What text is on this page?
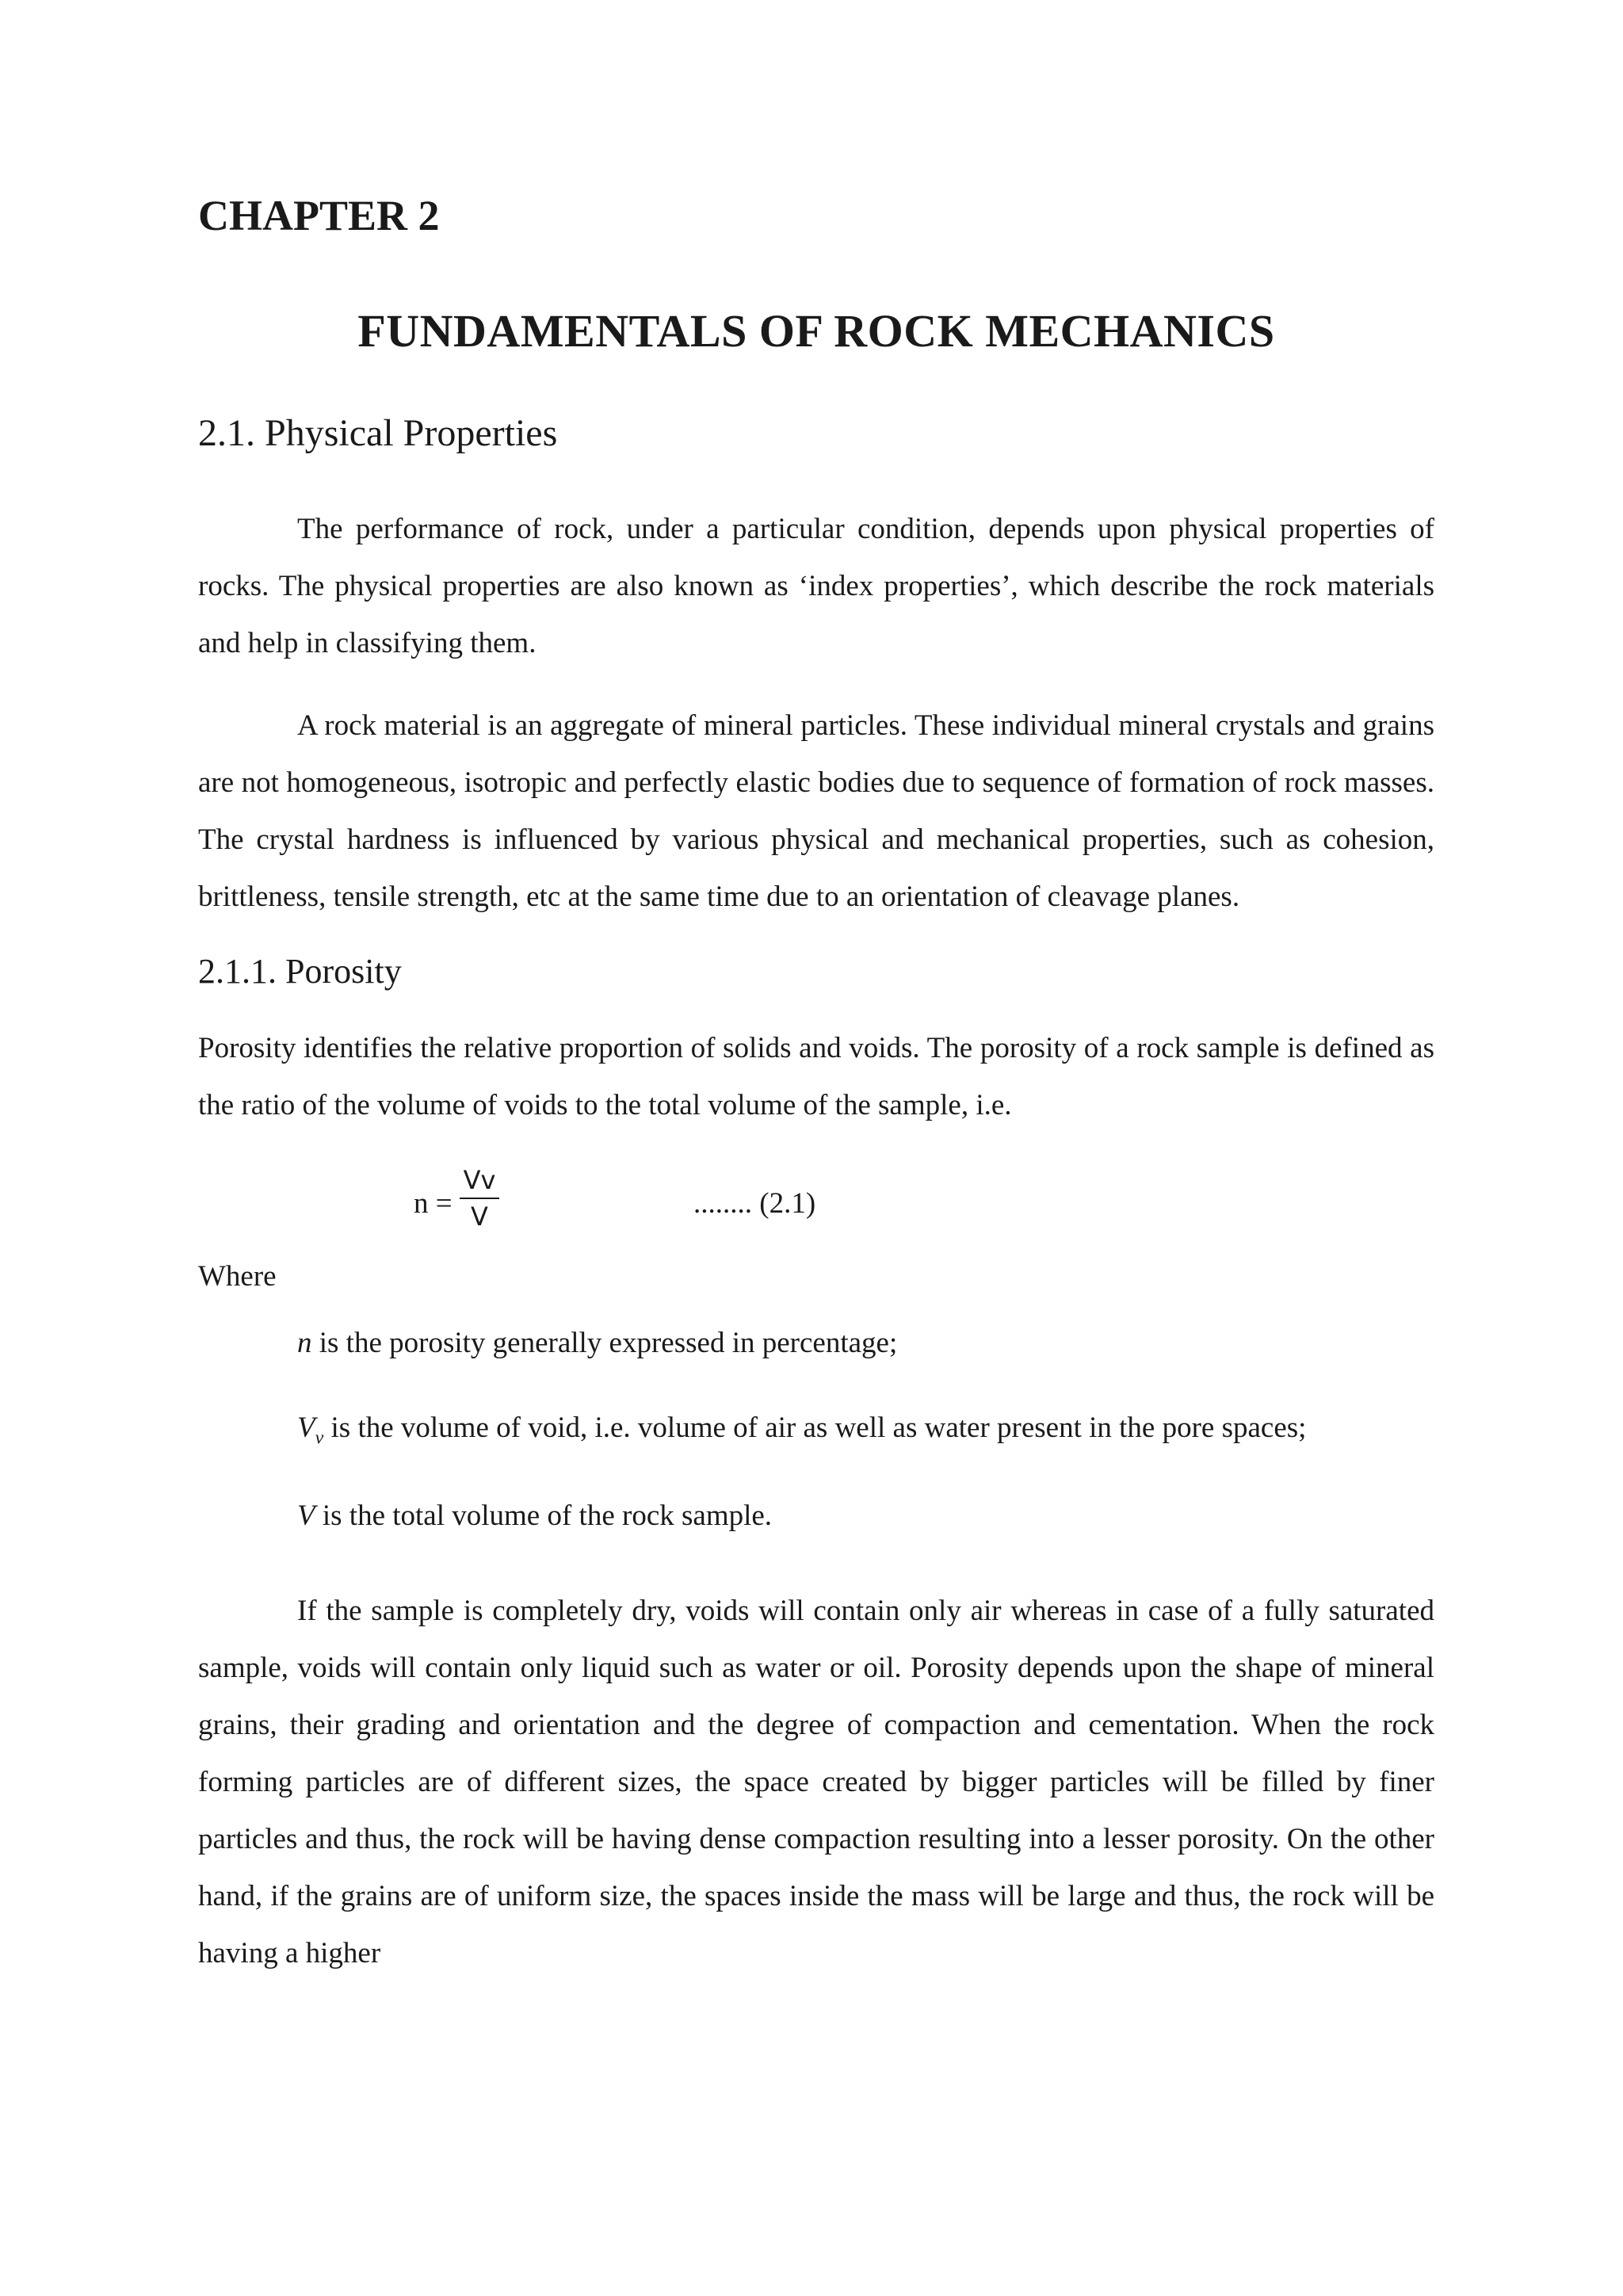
CHAPTER 2
FUNDAMENTALS OF ROCK MECHANICS
2.1. Physical Properties

The performance of rock, under a particular condition, depends upon physical properties of rocks. The physical properties are also known as ‘index properties’, which describe the rock materials and help in classifying them.

A rock material is an aggregate of mineral particles. These individual mineral crystals and grains are not homogeneous, isotropic and perfectly elastic bodies due to sequence of formation of rock masses. The crystal hardness is influenced by various physical and mechanical properties, such as cohesion, brittleness, tensile strength, etc at the same time due to an orientation of cleavage planes.

2.1.1. Porosity

Porosity identifies the relative proportion of solids and voids. The porosity of a rock sample is defined as the ratio of the volume of voids to the total volume of the sample, i.e.

$n = \frac{Vv}{V}$	........ (2.1)
Where
n is the porosity generally expressed in percentage;
$V_v$ is the volume of void, i.e. volume of air as well as water present in the pore spaces;
V is the total volume of the rock sample.

If the sample is completely dry, voids will contain only air whereas in case of a fully saturated sample, voids will contain only liquid such as water or oil. Porosity depends upon the shape of mineral grains, their grading and orientation and the degree of compaction and cementation. When the rock forming particles are of different sizes, the space created by bigger particles will be filled by finer particles and thus, the rock will be having dense compaction resulting into a lesser porosity. On the other hand, if the grains are of uniform size, the spaces inside the mass will be large and thus, the rock will be having a higher
